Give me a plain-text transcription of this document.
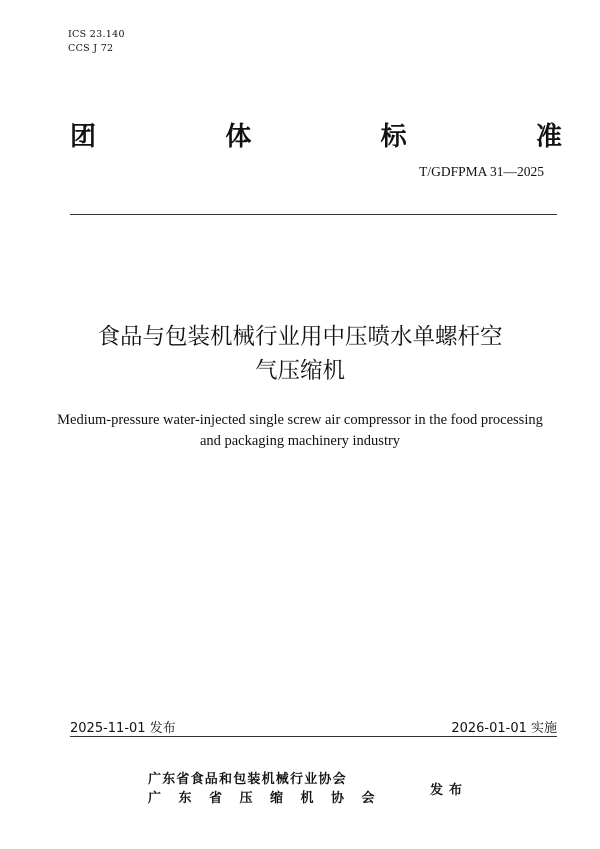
ICS 23.140
CCS J 72
团	体	标	准
T/GDFPMA 31—2025
食品与包装机械行业用中压喷水单螺杆空
气压缩机
Medium-pressure water-injected single screw air compressor in the food processing
and packaging machinery industry
2025-11-01 发布	2026-01-01 实施
广东省食品和包装机械行业协会
广东省压缩机协会
发布
